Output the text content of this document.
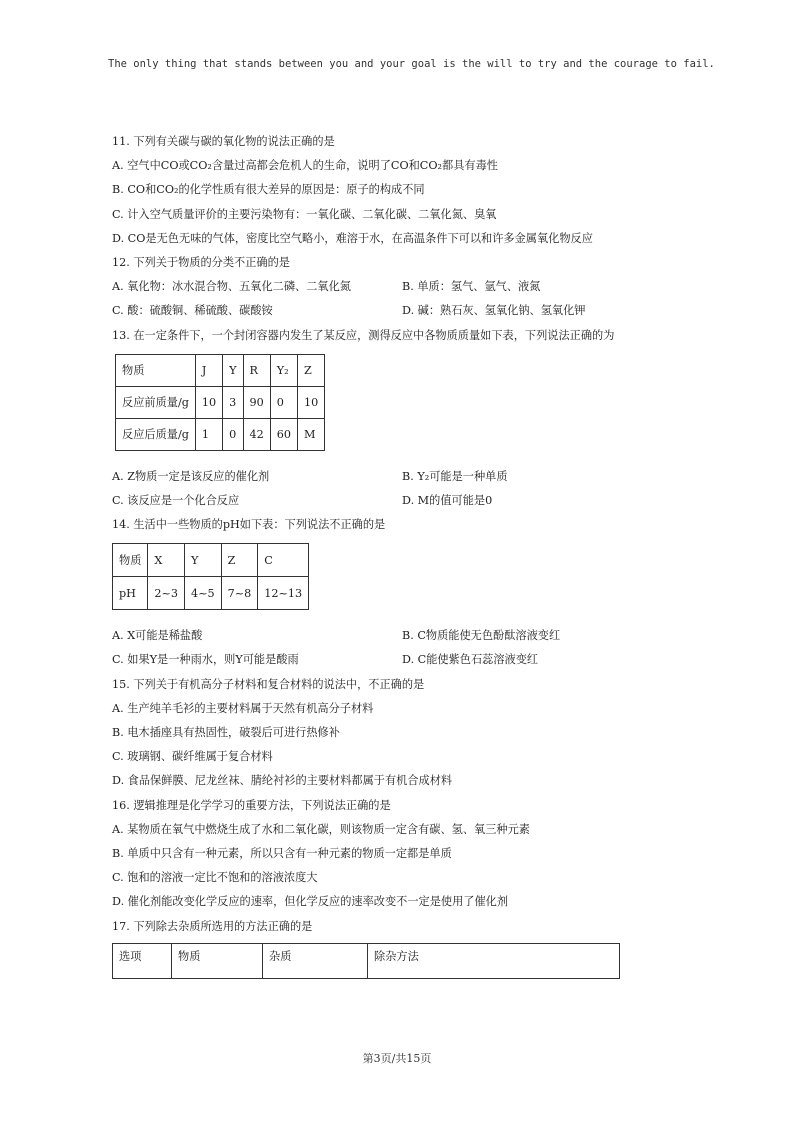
The only thing that stands between you and your goal is the will to try and the courage to fail.
11. 下列有关碳与碳的氧化物的说法正确的是
A. 空气中CO或CO₂含量过高都会危机人的生命，说明了CO和CO₂都具有毒性
B. CO和CO₂的化学性质有很大差异的原因是：原子的构成不同
C. 计入空气质量评价的主要污染物有：一氧化碳、二氧化碳、二氧化氮、臭氧
D. CO是无色无味的气体，密度比空气略小，难溶于水，在高温条件下可以和许多金属氧化物反应
12. 下列关于物质的分类不正确的是
A. 氧化物：冰水混合物、五氧化二磷、二氧化氮	B. 单质：氢气、氩气、液氮
C. 酸：硫酸铜、稀硫酸、碳酸铵	D. 碱：熟石灰、氢氧化钠、氢氧化钾
13. 在一定条件下，一个封闭容器内发生了某反应，测得反应中各物质质量如下表，下列说法正确的为
物质	J	Y	R	Y₂	Z
反应前质量/g	10	3	90	0	10
反应后质量/g	1	0	42	60	M
A. Z物质一定是该反应的催化剂	B. Y₂可能是一种单质
C. 该反应是一个化合反应	D. M的值可能是0
14. 生活中一些物质的pH如下表：下列说法不正确的是
物质	X	Y	Z	C
pH	2~3	4~5	7~8	12~13
A. X可能是稀盐酸	B. C物质能使无色酚酞溶液变红
C. 如果Y是一种雨水，则Y可能是酸雨	D. C能使紫色石蕊溶液变红
15. 下列关于有机高分子材料和复合材料的说法中，不正确的是
A. 生产纯羊毛衫的主要材料属于天然有机高分子材料
B. 电木插座具有热固性，破裂后可进行热修补
C. 玻璃钢、碳纤维属于复合材料
D. 食品保鲜膜、尼龙丝袜、腈纶衬衫的主要材料都属于有机合成材料
16. 逻辑推理是化学学习的重要方法，下列说法正确的是
A. 某物质在氧气中燃烧生成了水和二氧化碳，则该物质一定含有碳、氢、氧三种元素
B. 单质中只含有一种元素，所以只含有一种元素的物质一定都是单质
C. 饱和的溶液一定比不饱和的溶液浓度大
D. 催化剂能改变化学反应的速率，但化学反应的速率改变不一定是使用了催化剂
17. 下列除去杂质所选用的方法正确的是
选项	物质	杂质	除杂方法
第3页/共15页
